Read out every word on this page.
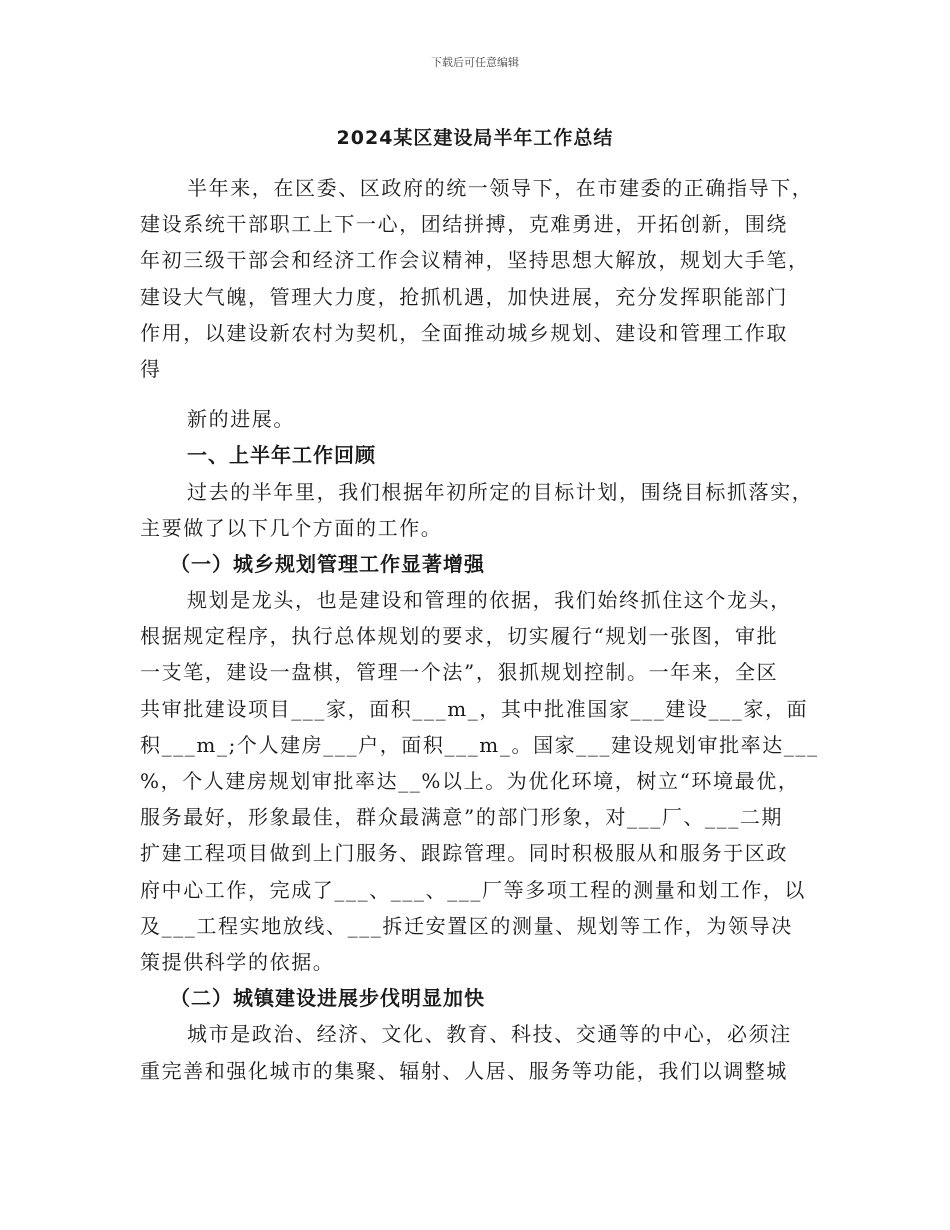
下载后可任意编辑
2024某区建设局半年工作总结
半年来，在区委、区政府的统一领导下，在市建委的正确指导下，
建设系统干部职工上下一心，团结拼搏，克难勇进，开拓创新，围绕
年初三级干部会和经济工作会议精神，坚持思想大解放，规划大手笔，
建设大气魄，管理大力度，抢抓机遇，加快进展，充分发挥职能部门
作用，以建设新农村为契机，全面推动城乡规划、建设和管理工作取
得
新的进展。
一、上半年工作回顾
过去的半年里，我们根据年初所定的目标计划，围绕目标抓落实，
主要做了以下几个方面的工作。
（一）城乡规划管理工作显著增强
规划是龙头，也是建设和管理的依据，我们始终抓住这个龙头，
根据规定程序，执行总体规划的要求，切实履行“规划一张图，审批
一支笔，建设一盘棋，管理一个法”，狠抓规划控制。一年来，全区
共审批建设项目___家，面积___m_，其中批准国家___建设___家，面
积___m_;个人建房___户，面积___m_。国家___建设规划审批率达___
%，个人建房规划审批率达__%以上。为优化环境，树立“环境最优，
服务最好，形象最佳，群众最满意”的部门形象，对___厂、___二期
扩建工程项目做到上门服务、跟踪管理。同时积极服从和服务于区政
府中心工作，完成了___、___、___厂等多项工程的测量和划工作，以
及___工程实地放线、___拆迁安置区的测量、规划等工作，为领导决
策提供科学的依据。
（二）城镇建设进展步伐明显加快
城市是政治、经济、文化、教育、科技、交通等的中心，必须注
重完善和强化城市的集聚、辐射、人居、服务等功能，我们以调整城
